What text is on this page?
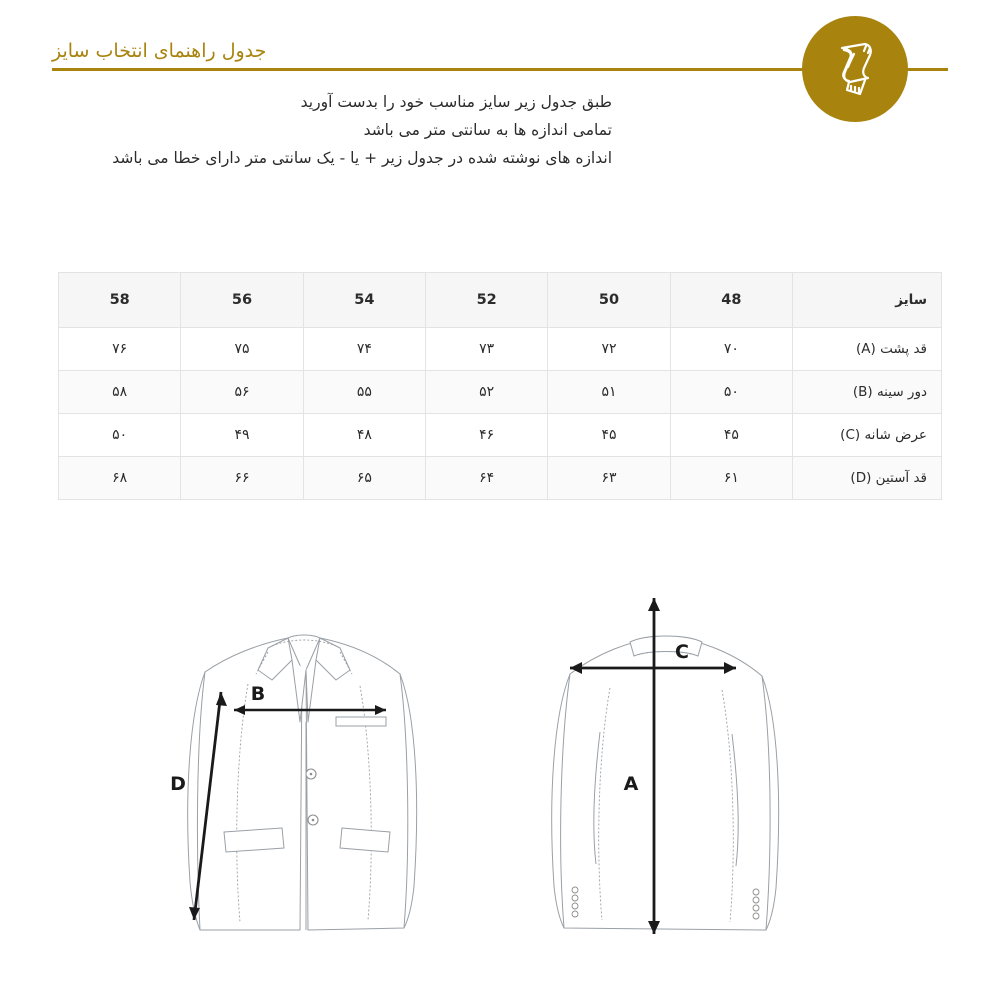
جدول راهنمای انتخاب سایز
طبق جدول زیر سایز مناسب خود را بدست آورید
تمامی اندازه ها به سانتی متر می باشد
اندازه های نوشته شده در جدول زیر + یا - یک سانتی متر دارای خطا می باشد
سایز	48	50	52	54	56	58
قد پشت (A)	۷۰	۷۲	۷۳	۷۴	۷۵	۷۶
دور سینه (B)	۵۰	۵۱	۵۲	۵۵	۵۶	۵۸
عرض شانه (C)	۴۵	۴۵	۴۶	۴۸	۴۹	۵۰
قد آستین (D)	۶۱	۶۳	۶۴	۶۵	۶۶	۶۸
B
D
C
A
